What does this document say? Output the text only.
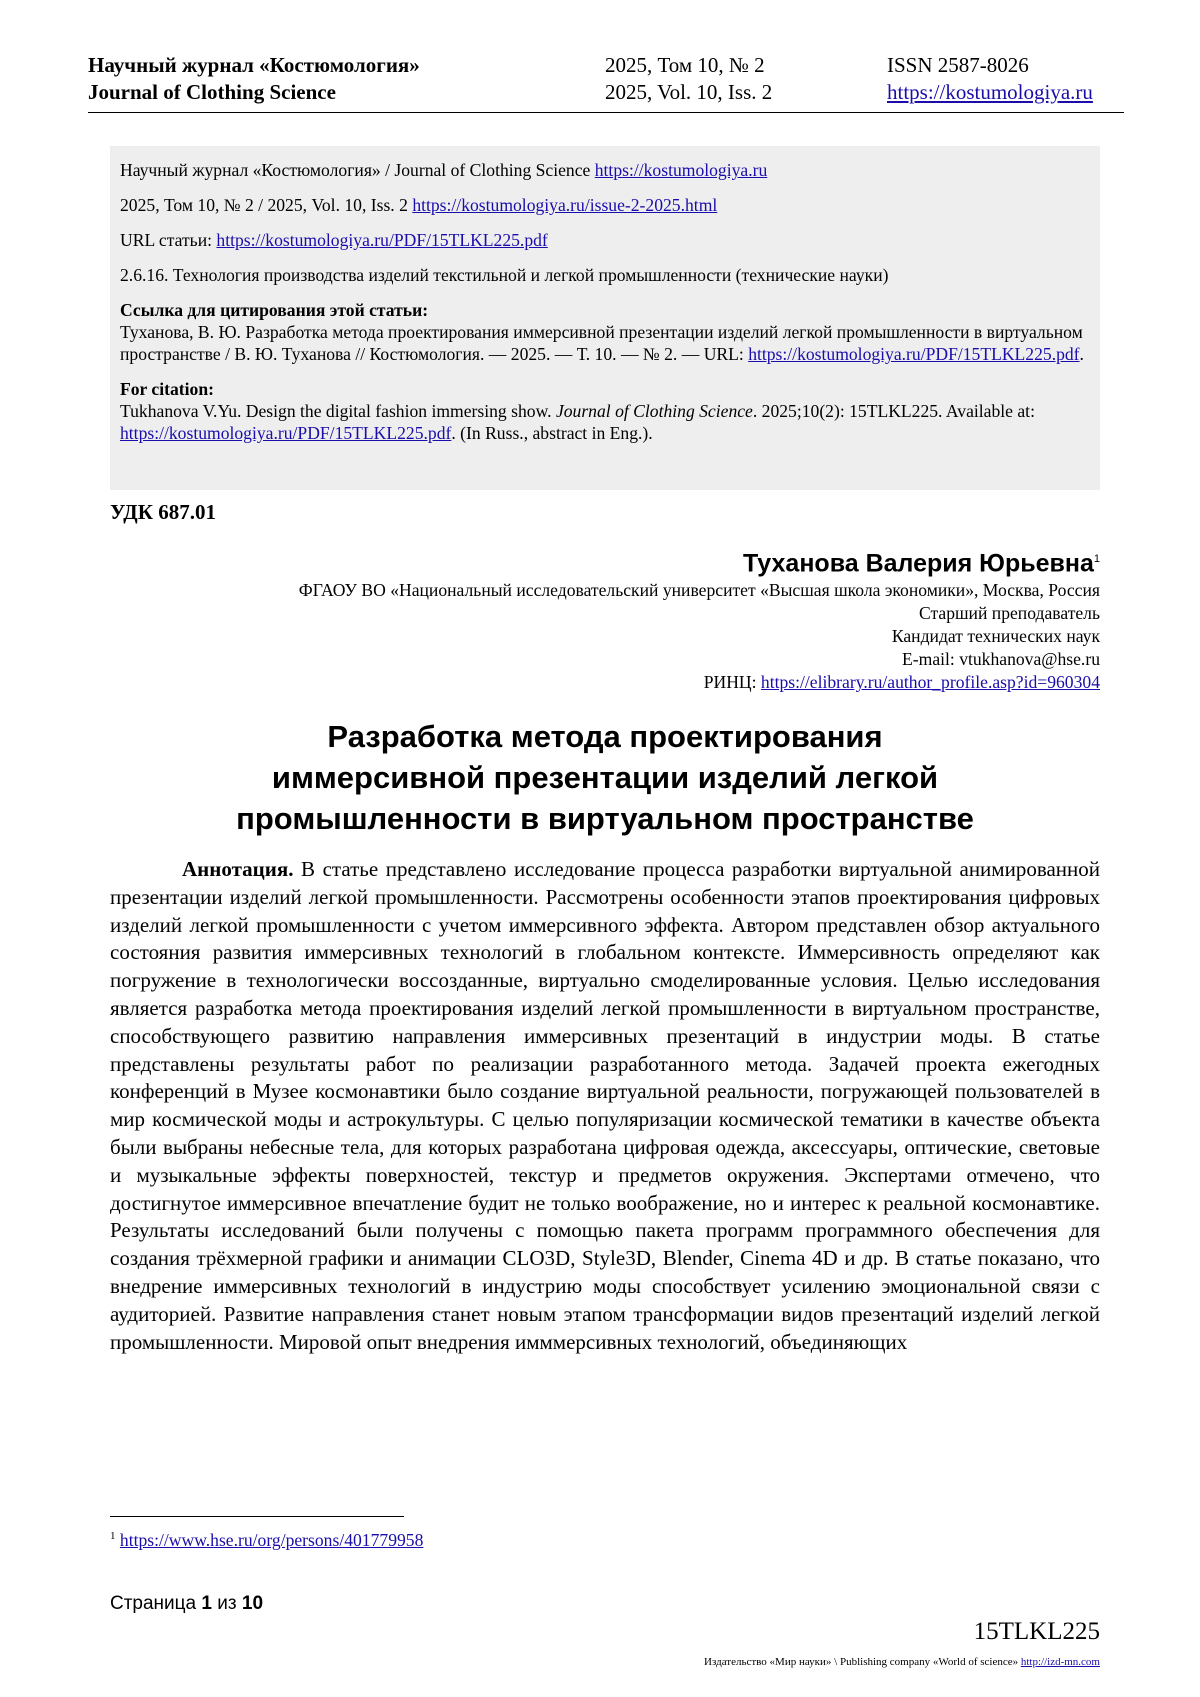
Научный журнал «Костюмология»
Journal of Clothing Science
2025, Том 10, № 2
2025, Vol. 10, Iss. 2
ISSN 2587-8026
https://kostumologiya.ru

Научный журнал «Костюмология» / Journal of Clothing Science https://kostumologiya.ru

2025, Том 10, № 2 / 2025, Vol. 10, Iss. 2 https://kostumologiya.ru/issue-2-2025.html

URL статьи: https://kostumologiya.ru/PDF/15TLKL225.pdf

2.6.16. Технология производства изделий текстильной и легкой промышленности (технические науки)

Ссылка для цитирования этой статьи:
Туханова, В. Ю. Разработка метода проектирования иммерсивной презентации изделий легкой промышленности в виртуальном пространстве / В. Ю. Туханова // Костюмология. — 2025. — Т. 10. — № 2. — URL: https://kostumologiya.ru/PDF/15TLKL225.pdf.

For citation:
Tukhanova V.Yu. Design the digital fashion immersing show. Journal of Clothing Science. 2025;10(2): 15TLKL225. Available at: https://kostumologiya.ru/PDF/15TLKL225.pdf. (In Russ., abstract in Eng.).

УДК 687.01
Туханова Валерия Юрьевна$^1$
ФГАОУ ВО «Национальный исследовательский университет «Высшая школа экономики», Москва, Россия
Старший преподаватель
Кандидат технических наук
E-mail: vtukhanova@hse.ru
РИНЦ: https://elibrary.ru/author_profile.asp?id=960304
Разработка метода проектирования
иммерсивной презентации изделий легкой
промышленности в виртуальном пространстве

Аннотация. В статье представлено исследование процесса разработки виртуальной анимированной презентации изделий легкой промышленности. Рассмотрены особенности этапов проектирования цифровых изделий легкой промышленности с учетом иммерсивного эффекта. Автором представлен обзор актуального состояния развития иммерсивных технологий в глобальном контексте. Иммерсивность определяют как погружение в технологически воссозданные, виртуально смоделированные условия. Целью исследования является разработка метода проектирования изделий легкой промышленности в виртуальном пространстве, способствующего развитию направления иммерсивных презентаций в индустрии моды. В статье представлены результаты работ по реализации разработанного метода. Задачей проекта ежегодных конференций в Музее космонавтики было создание виртуальной реальности, погружающей пользователей в мир космической моды и астрокультуры. С целью популяризации космической тематики в качестве объекта были выбраны небесные тела, для которых разработана цифровая одежда, аксессуары, оптические, световые и музыкальные эффекты поверхностей, текстур и предметов окружения. Экспертами отмечено, что достигнутое иммерсивное впечатление будит не только воображение, но и интерес к реальной космонавтике. Результаты исследований были получены с помощью пакета программ программного обеспечения для создания трёхмерной графики и анимации CLO3D, Style3D, Blender, Cinema 4D и др. В статье показано, что внедрение иммерсивных технологий в индустрию моды способствует усилению эмоциональной связи с аудиторией. Развитие направления станет новым этапом трансформации видов презентаций изделий легкой промышленности. Мировой опыт внедрения имммерсивных технологий, объединяющих

$^1$ https://www.hse.ru/org/persons/401779958
Страница 1 из 10
15TLKL225
Издательство «Мир науки» \ Publishing company «World of science» http://izd-mn.com
